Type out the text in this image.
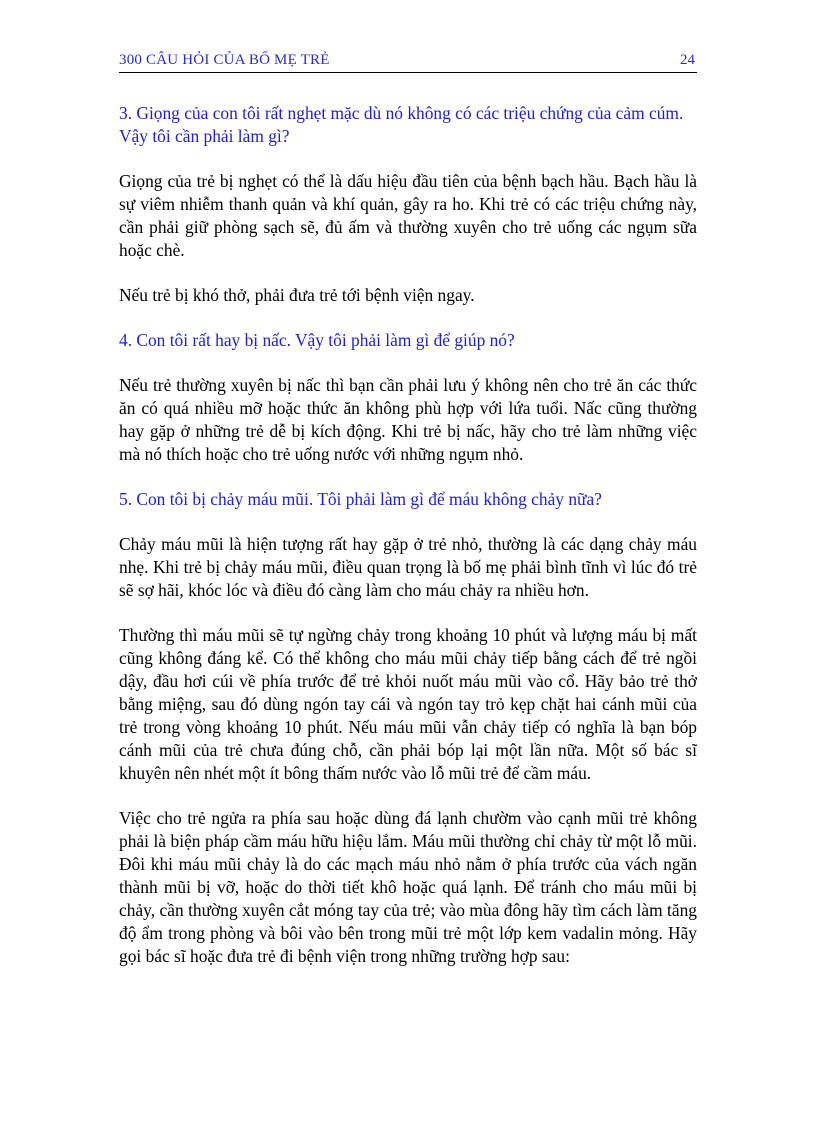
300 CÂU HỎI CỦA BỐ MẸ TRẺ	24

3. Giọng của con tôi rất nghẹt mặc dù nó không có các triệu chứng của cảm cúm. Vậy tôi cần phải làm gì?

Giọng của trẻ bị nghẹt có thể là dấu hiệu đầu tiên của bệnh bạch hầu. Bạch hầu là sự viêm nhiễm thanh quản và khí quản, gây ra ho. Khi trẻ có các triệu chứng này, cần phải giữ phòng sạch sẽ, đủ ấm và thường xuyên cho trẻ uống các ngụm sữa hoặc chè.

Nếu trẻ bị khó thở, phải đưa trẻ tới bệnh viện ngay.

4. Con tôi rất hay bị nấc. Vậy tôi phải làm gì để giúp nó?

Nếu trẻ thường xuyên bị nấc thì bạn cần phải lưu ý không nên cho trẻ ăn các thức ăn có quá nhiều mỡ hoặc thức ăn không phù hợp với lứa tuổi. Nấc cũng thường hay gặp ở những trẻ dễ bị kích động. Khi trẻ bị nấc, hãy cho trẻ làm những việc mà nó thích hoặc cho trẻ uống nước với những ngụm nhỏ.

5. Con tôi bị chảy máu mũi. Tôi phải làm gì để máu không chảy nữa?

Chảy máu mũi là hiện tượng rất hay gặp ở trẻ nhỏ, thường là các dạng chảy máu nhẹ. Khi trẻ bị chảy máu mũi, điều quan trọng là bố mẹ phải bình tĩnh vì lúc đó trẻ sẽ sợ hãi, khóc lóc và điều đó càng làm cho máu chảy ra nhiều hơn.

Thường thì máu mũi sẽ tự ngừng chảy trong khoảng 10 phút và lượng máu bị mất cũng không đáng kể. Có thể không cho máu mũi chảy tiếp bằng cách để trẻ ngồi dậy, đầu hơi cúi về phía trước để trẻ khỏi nuốt máu mũi vào cổ. Hãy bảo trẻ thở bằng miệng, sau đó dùng ngón tay cái và ngón tay trỏ kẹp chặt hai cánh mũi của trẻ trong vòng khoảng 10 phút. Nếu máu mũi vẫn chảy tiếp có nghĩa là bạn bóp cánh mũi của trẻ chưa đúng chỗ, cần phải bóp lại một lần nữa. Một số bác sĩ khuyên nên nhét một ít bông thấm nước vào lỗ mũi trẻ để cầm máu.

Việc cho trẻ ngửa ra phía sau hoặc dùng đá lạnh chườm vào cạnh mũi trẻ không phải là biện pháp cầm máu hữu hiệu lắm. Máu mũi thường chỉ chảy từ một lỗ mũi. Đôi khi máu mũi chảy là do các mạch máu nhỏ nằm ở phía trước của vách ngăn thành mũi bị vỡ, hoặc do thời tiết khô hoặc quá lạnh. Để tránh cho máu mũi bị chảy, cần thường xuyên cắt móng tay của trẻ; vào mùa đông hãy tìm cách làm tăng độ ẩm trong phòng và bôi vào bên trong mũi trẻ một lớp kem vadalin mỏng. Hãy gọi bác sĩ hoặc đưa trẻ đi bệnh viện trong những trường hợp sau:
